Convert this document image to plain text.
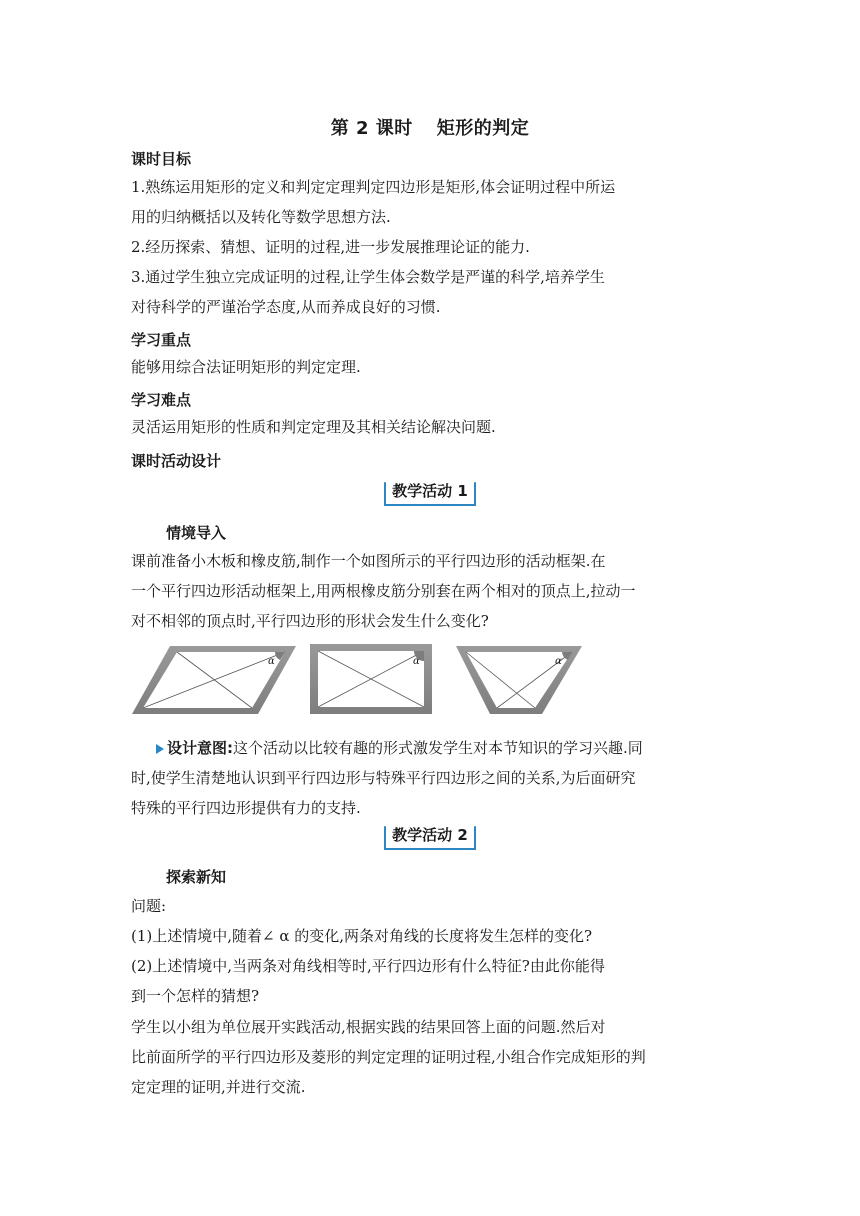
第 2 课时 矩形的判定
课时目标
1.熟练运用矩形的定义和判定定理判定四边形是矩形,体会证明过程中所运
用的归纳概括以及转化等数学思想方法.
2.经历探索、猜想、证明的过程,进一步发展推理论证的能力.
3.通过学生独立完成证明的过程,让学生体会数学是严谨的科学,培养学生
对待科学的严谨治学态度,从而养成良好的习惯.
学习重点
能够用综合法证明矩形的判定定理.
学习难点
灵活运用矩形的性质和判定定理及其相关结论解决问题.
课时活动设计
教学活动 1
情境导入
课前准备小木板和橡皮筋,制作一个如图所示的平行四边形的活动框架.在
一个平行四边形活动框架上,用两根橡皮筋分别套在两个相对的顶点上,拉动一
对不相邻的顶点时,平行四边形的形状会发生什么变化?
α	α	α
设计意图:这个活动以比较有趣的形式激发学生对本节知识的学习兴趣.同
时,使学生清楚地认识到平行四边形与特殊平行四边形之间的关系,为后面研究
特殊的平行四边形提供有力的支持.
教学活动 2
探索新知
问题:
(1)上述情境中,随着∠ α 的变化,两条对角线的长度将发生怎样的变化?
(2)上述情境中,当两条对角线相等时,平行四边形有什么特征?由此你能得
到一个怎样的猜想?
学生以小组为单位展开实践活动,根据实践的结果回答上面的问题.然后对
比前面所学的平行四边形及菱形的判定定理的证明过程,小组合作完成矩形的判
定定理的证明,并进行交流.
